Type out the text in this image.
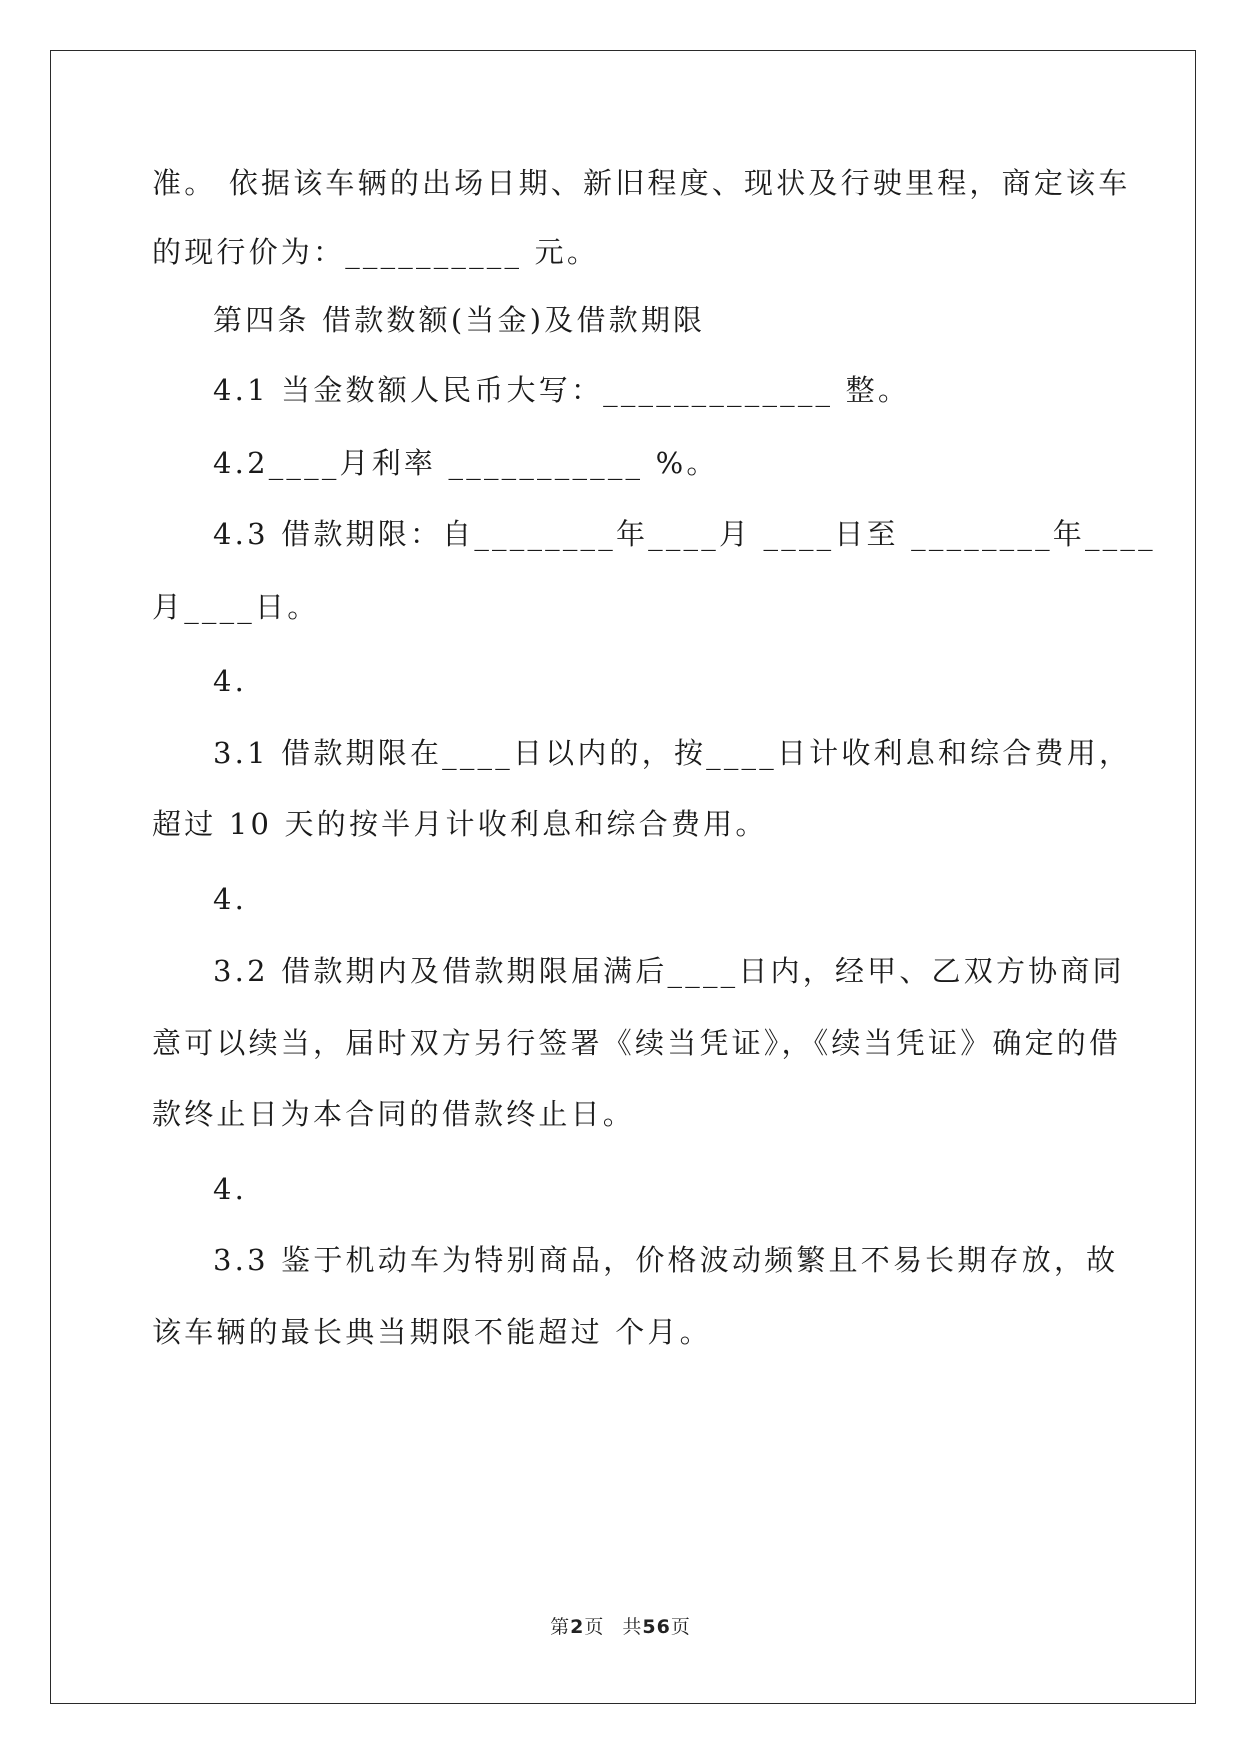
准。 依据该车辆的出场日期、新旧程度、现状及行驶里程，商定该车
的现行价为：__________ 元。
第四条 借款数额(当金)及借款期限
4.1 当金数额人民币大写：_____________ 整。
4.2____月利率 ___________ %。
4.3 借款期限：自________年____月 ____日至 ________年____
月____日。
4.
3.1 借款期限在____日以内的，按____日计收利息和综合费用，
超过 10 天的按半月计收利息和综合费用。
4.
3.2 借款期内及借款期限届满后____日内，经甲、乙双方协商同
意可以续当，届时双方另行签署《续当凭证》，《续当凭证》确定的借
款终止日为本合同的借款终止日。
4.
3.3 鉴于机动车为特别商品，价格波动频繁且不易长期存放，故
该车辆的最长典当期限不能超过 个月。
第2页 共56页
